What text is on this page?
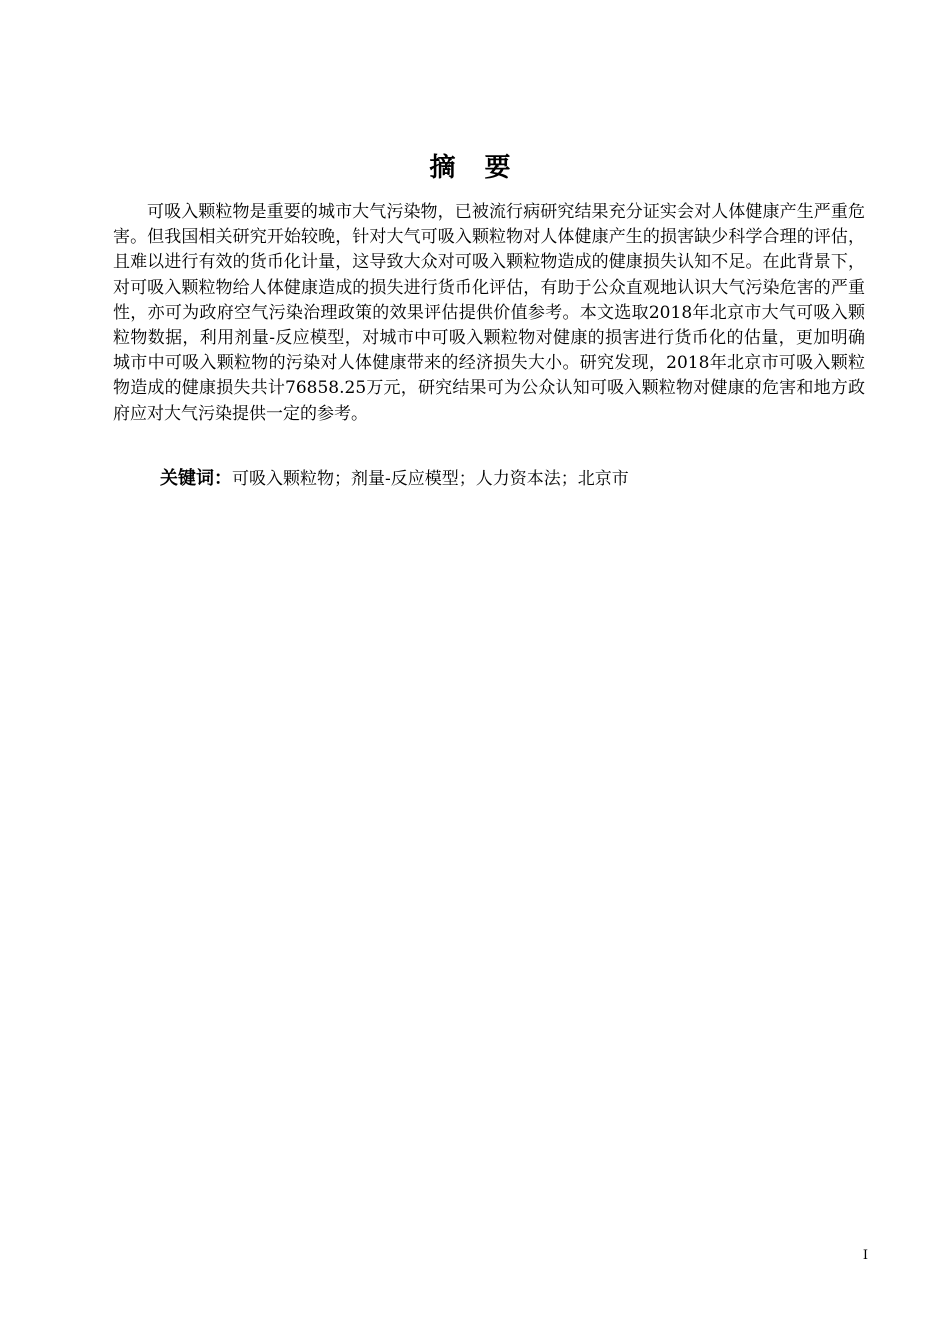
摘 要

可吸入颗粒物是重要的城市大气污染物，已被流行病研究结果充分证实会对人体健康产生严重危害。但我国相关研究开始较晚，针对大气可吸入颗粒物对人体健康产生的损害缺少科学合理的评估，且难以进行有效的货币化计量，这导致大众对可吸入颗粒物造成的健康损失认知不足。在此背景下，对可吸入颗粒物给人体健康造成的损失进行货币化评估，有助于公众直观地认识大气污染危害的严重性，亦可为政府空气污染治理政策的效果评估提供价值参考。本文选取2018年北京市大气可吸入颗粒物数据，利用剂量-反应模型，对城市中可吸入颗粒物对健康的损害进行货币化的估量，更加明确城市中可吸入颗粒物的污染对人体健康带来的经济损失大小。研究发现，2018年北京市可吸入颗粒物造成的健康损失共计76858.25万元，研究结果可为公众认知可吸入颗粒物对健康的危害和地方政府应对大气污染提供一定的参考。

关键词：可吸入颗粒物；剂量-反应模型；人力资本法；北京市

I
